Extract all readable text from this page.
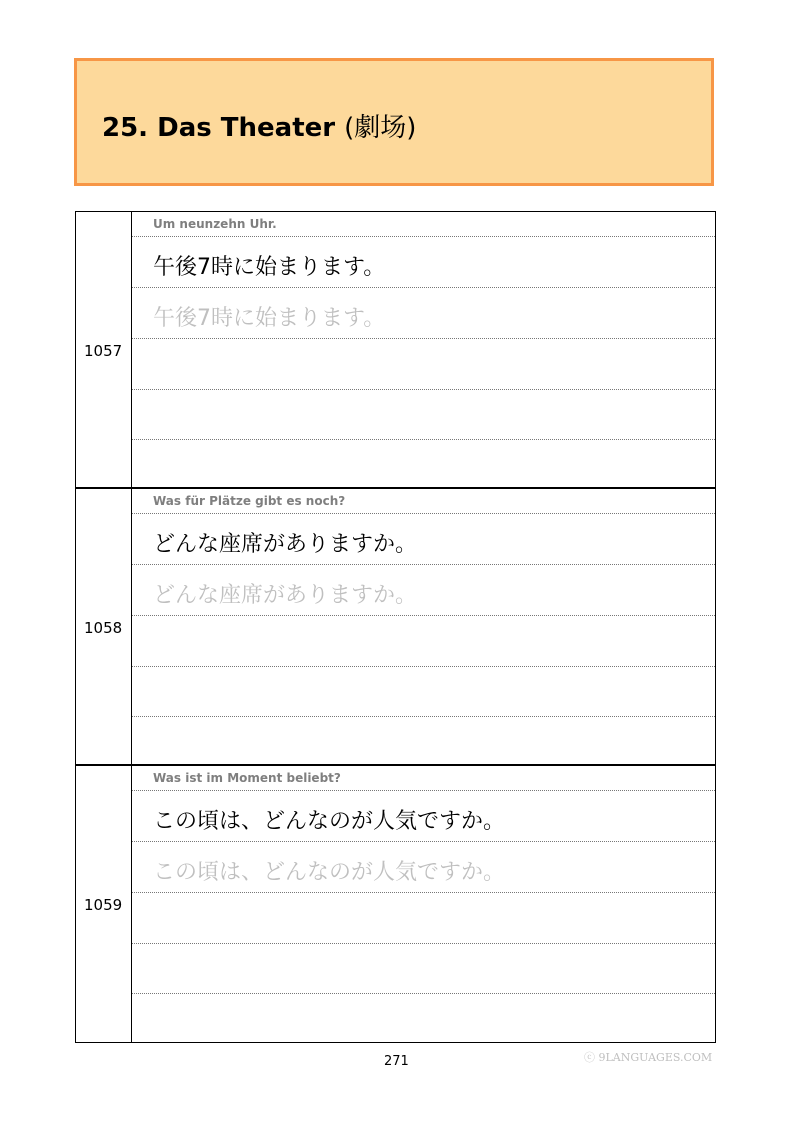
25. Das Theater (劇场)
1057
Um neunzehn Uhr.
午後7時に始まります。
午後7時に始まります。
1058
Was für Plätze gibt es noch?
どんな座席がありますか。
どんな座席がありますか。
1059
Was ist im Moment beliebt?
この頃は、どんなのが人気ですか。
この頃は、どんなのが人気ですか。
271	ⓒ 9LANGUAGES.COM
